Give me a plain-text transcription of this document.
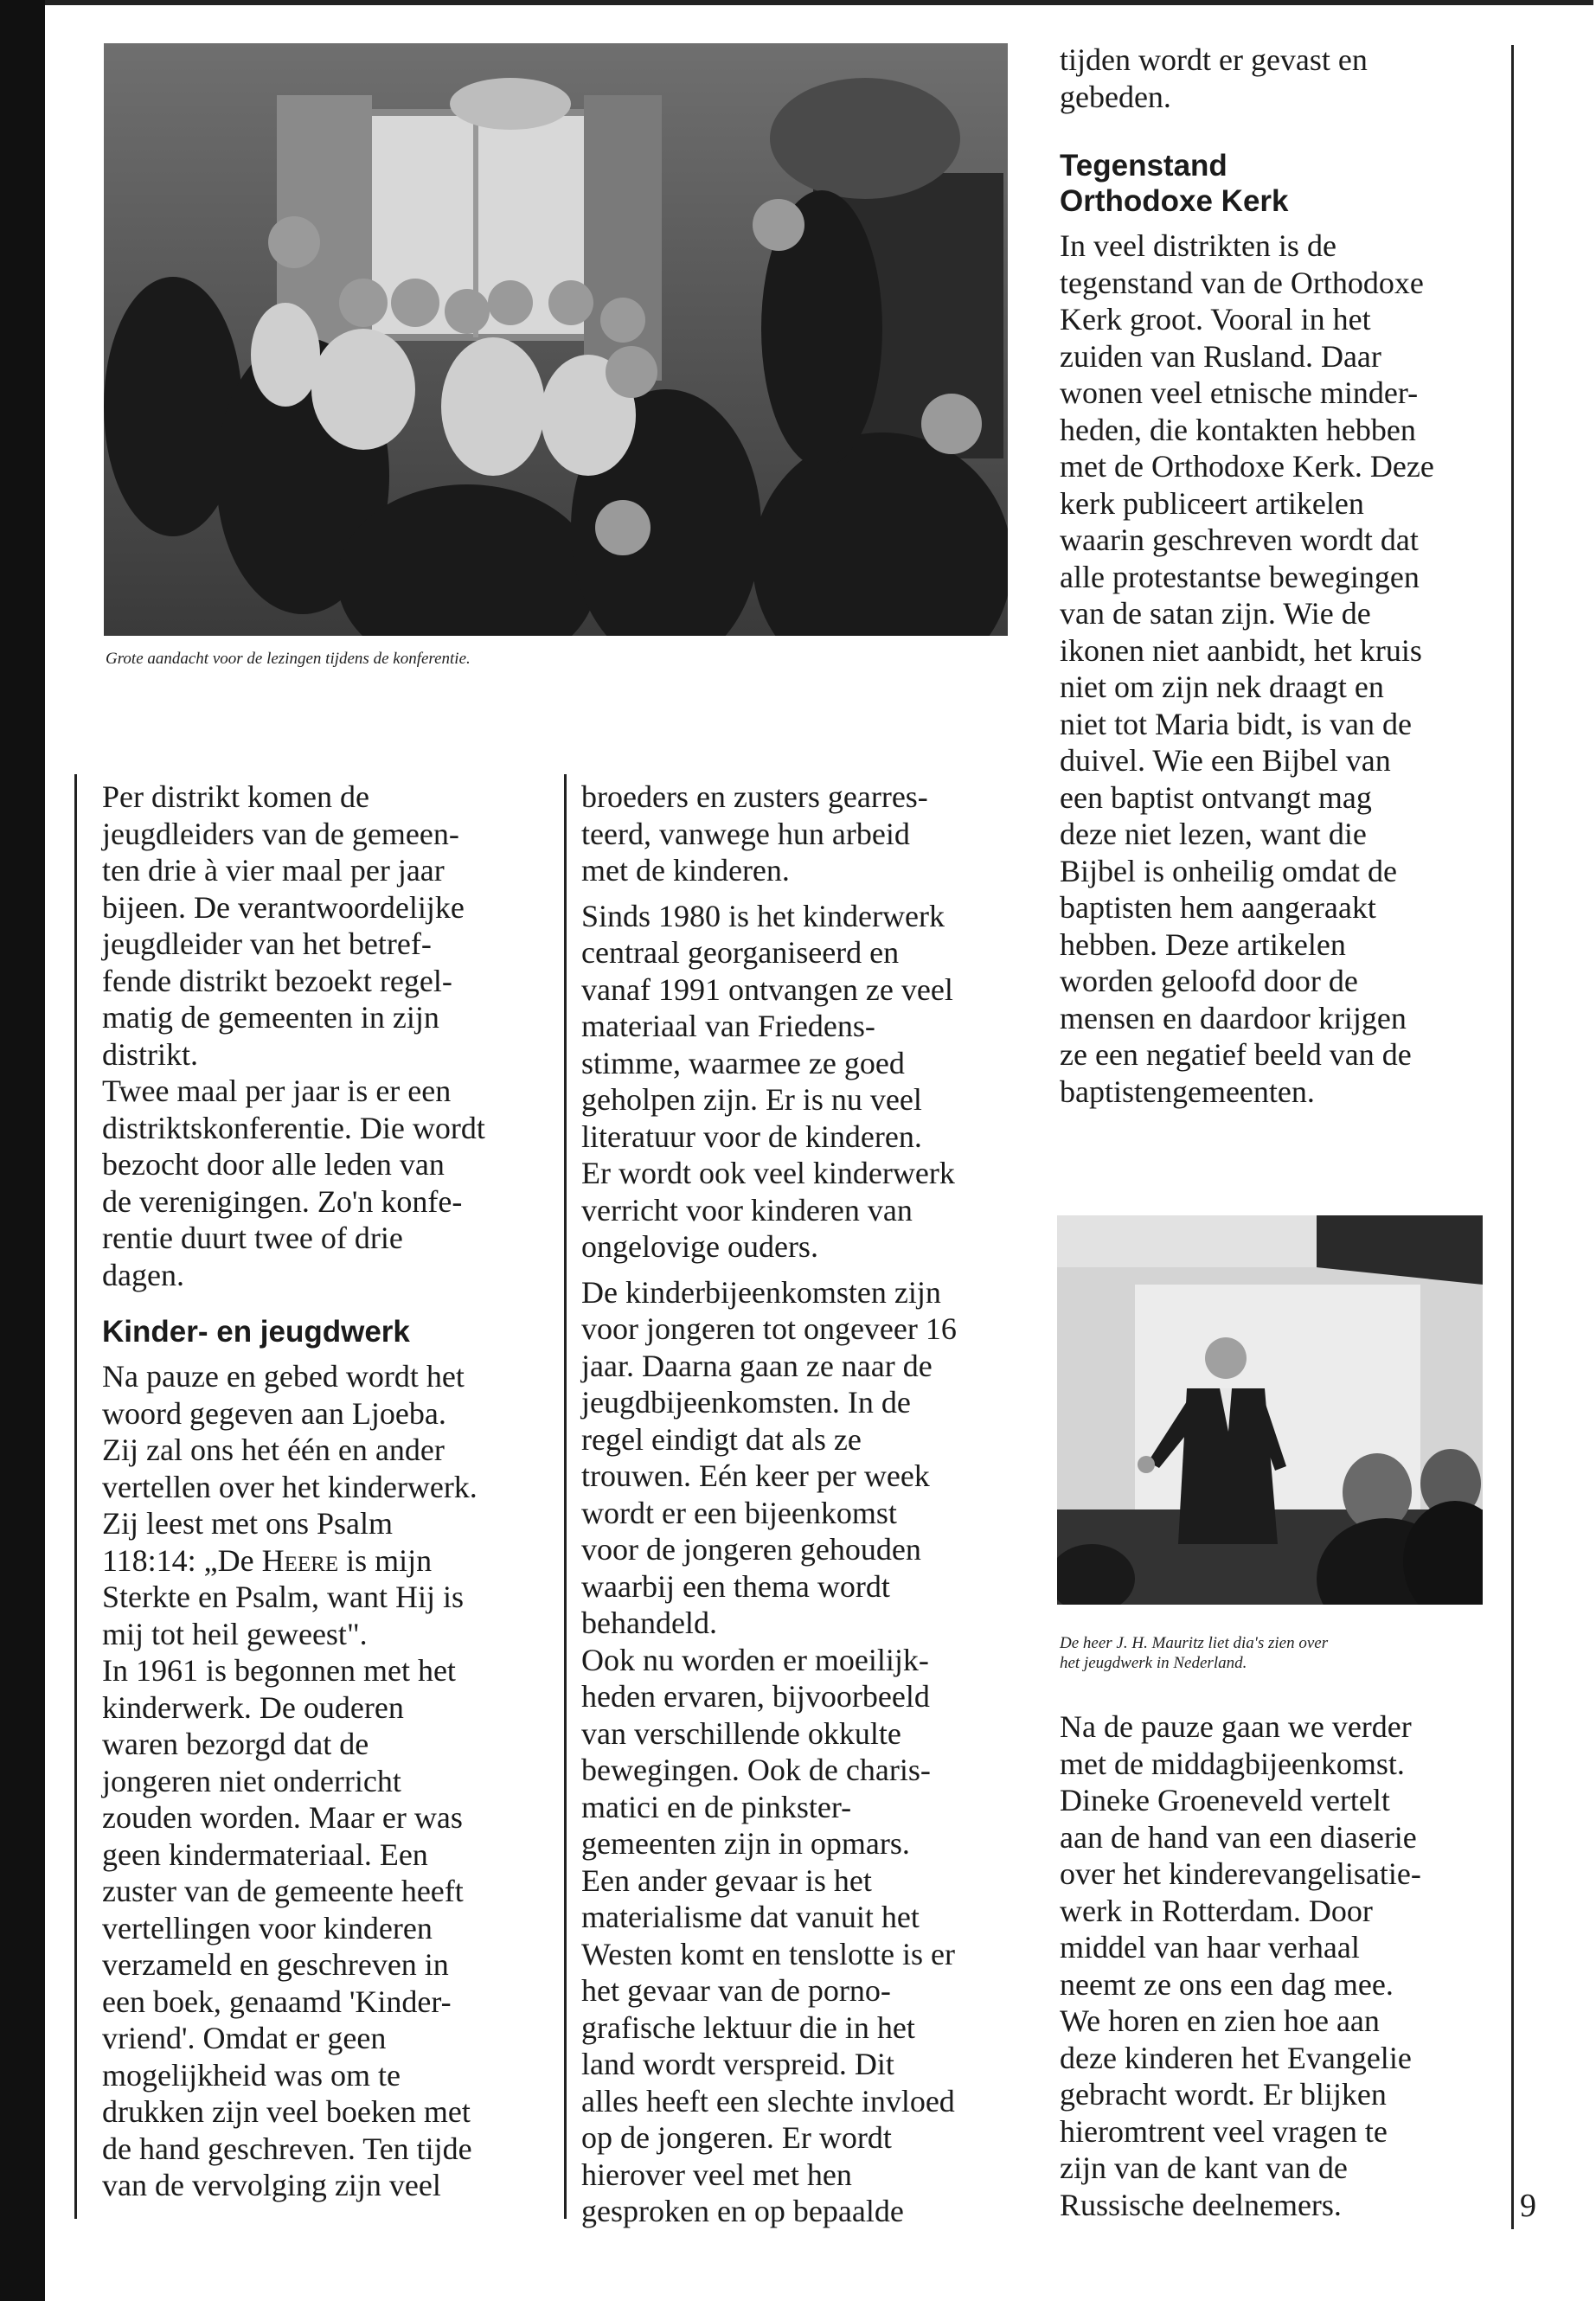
Grote aandacht voor de lezingen tijdens de konferentie.

Per distrikt komen de
jeugdleiders van de gemeen-
ten drie à vier maal per jaar
bijeen. De verantwoordelijke
jeugdleider van het betref-
fende distrikt bezoekt regel-
matig de gemeenten in zijn
distrikt.
Twee maal per jaar is er een
distriktskonferentie. Die wordt
bezocht door alle leden van
de verenigingen. Zo'n konfe-
rentie duurt twee of drie
dagen.

Kinder- en jeugdwerk

Na pauze en gebed wordt het
woord gegeven aan Ljoeba.
Zij zal ons het één en ander
vertellen over het kinderwerk.
Zij leest met ons Psalm
118:14: „De Heere is mijn
Sterkte en Psalm, want Hij is
mij tot heil geweest".
In 1961 is begonnen met het
kinderwerk. De ouderen
waren bezorgd dat de
jongeren niet onderricht
zouden worden. Maar er was
geen kindermateriaal. Een
zuster van de gemeente heeft
vertellingen voor kinderen
verzameld en geschreven in
een boek, genaamd 'Kinder-
vriend'. Omdat er geen
mogelijkheid was om te
drukken zijn veel boeken met
de hand geschreven. Ten tijde
van de vervolging zijn veel

broeders en zusters gearres-
teerd, vanwege hun arbeid
met de kinderen.

Sinds 1980 is het kinderwerk
centraal georganiseerd en
vanaf 1991 ontvangen ze veel
materiaal van Friedens-
stimme, waarmee ze goed
geholpen zijn. Er is nu veel
literatuur voor de kinderen.
Er wordt ook veel kinderwerk
verricht voor kinderen van
ongelovige ouders.

De kinderbijeenkomsten zijn
voor jongeren tot ongeveer 16
jaar. Daarna gaan ze naar de
jeugdbijeenkomsten. In de
regel eindigt dat als ze
trouwen. Eén keer per week
wordt er een bijeenkomst
voor de jongeren gehouden
waarbij een thema wordt
behandeld.
Ook nu worden er moeilijk-
heden ervaren, bijvoorbeeld
van verschillende okkulte
bewegingen. Ook de charis-
matici en de pinkster-
gemeenten zijn in opmars.
Een ander gevaar is het
materialisme dat vanuit het
Westen komt en tenslotte is er
het gevaar van de porno-
grafische lektuur die in het
land wordt verspreid. Dit
alles heeft een slechte invloed
op de jongeren. Er wordt
hierover veel met hen
gesproken en op bepaalde

tijden wordt er gevast en
gebeden.

Tegenstand
Orthodoxe Kerk

In veel distrikten is de
tegenstand van de Orthodoxe
Kerk groot. Vooral in het
zuiden van Rusland. Daar
wonen veel etnische minder-
heden, die kontakten hebben
met de Orthodoxe Kerk. Deze
kerk publiceert artikelen
waarin geschreven wordt dat
alle protestantse bewegingen
van de satan zijn. Wie de
ikonen niet aanbidt, het kruis
niet om zijn nek draagt en
niet tot Maria bidt, is van de
duivel. Wie een Bijbel van
een baptist ontvangt mag
deze niet lezen, want die
Bijbel is onheilig omdat de
baptisten hem aangeraakt
hebben. Deze artikelen
worden geloofd door de
mensen en daardoor krijgen
ze een negatief beeld van de
baptistengemeenten.

De heer J. H. Mauritz liet dia's zien over
het jeugdwerk in Nederland.

Na de pauze gaan we verder
met de middagbijeenkomst.
Dineke Groeneveld vertelt
aan de hand van een diaserie
over het kinderevangelisatie-
werk in Rotterdam. Door
middel van haar verhaal
neemt ze ons een dag mee.
We horen en zien hoe aan
deze kinderen het Evangelie
gebracht wordt. Er blijken
hieromtrent veel vragen te
zijn van de kant van de
Russische deelnemers.	9
